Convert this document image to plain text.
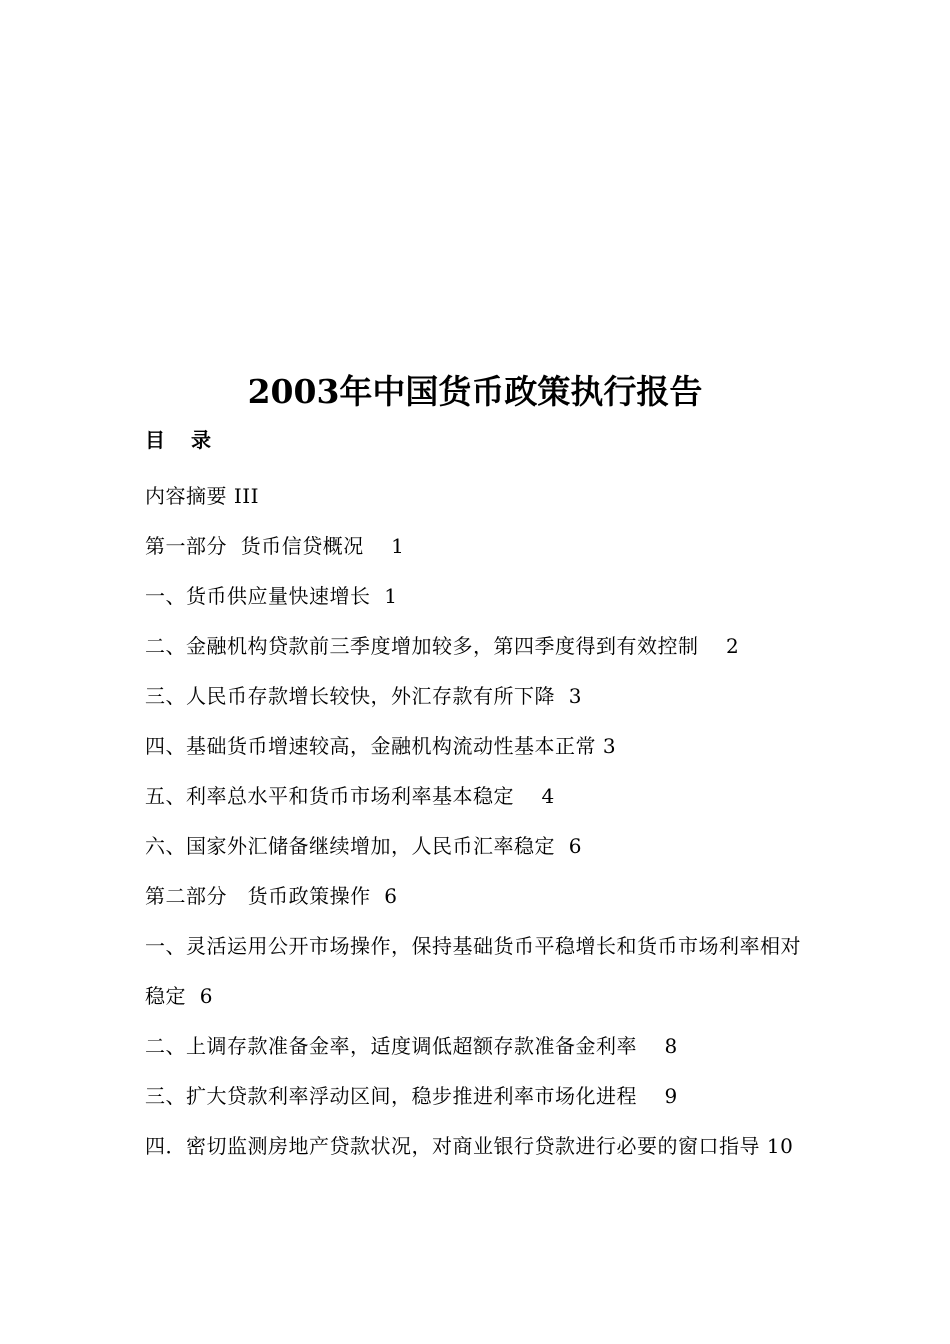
2003年中国货币政策执行报告
目 录
内容摘要 III
第一部分  货币信贷概况 1
一、货币供应量快速增长 1
二、金融机构贷款前三季度增加较多，第四季度得到有效控制 2
三、人民币存款增长较快，外汇存款有所下降 3
四、基础货币增速较高，金融机构流动性基本正常 3
五、利率总水平和货币市场利率基本稳定 4
六、国家外汇储备继续增加，人民币汇率稳定 6
第二部分   货币政策操作 6
一、灵活运用公开市场操作，保持基础货币平稳增长和货币市场利率相对稳定 6
二、上调存款准备金率，适度调低超额存款准备金利率 8
三、扩大贷款利率浮动区间，稳步推进利率市场化进程 9
四．密切监测房地产贷款状况，对商业银行贷款进行必要的窗口指导 10
